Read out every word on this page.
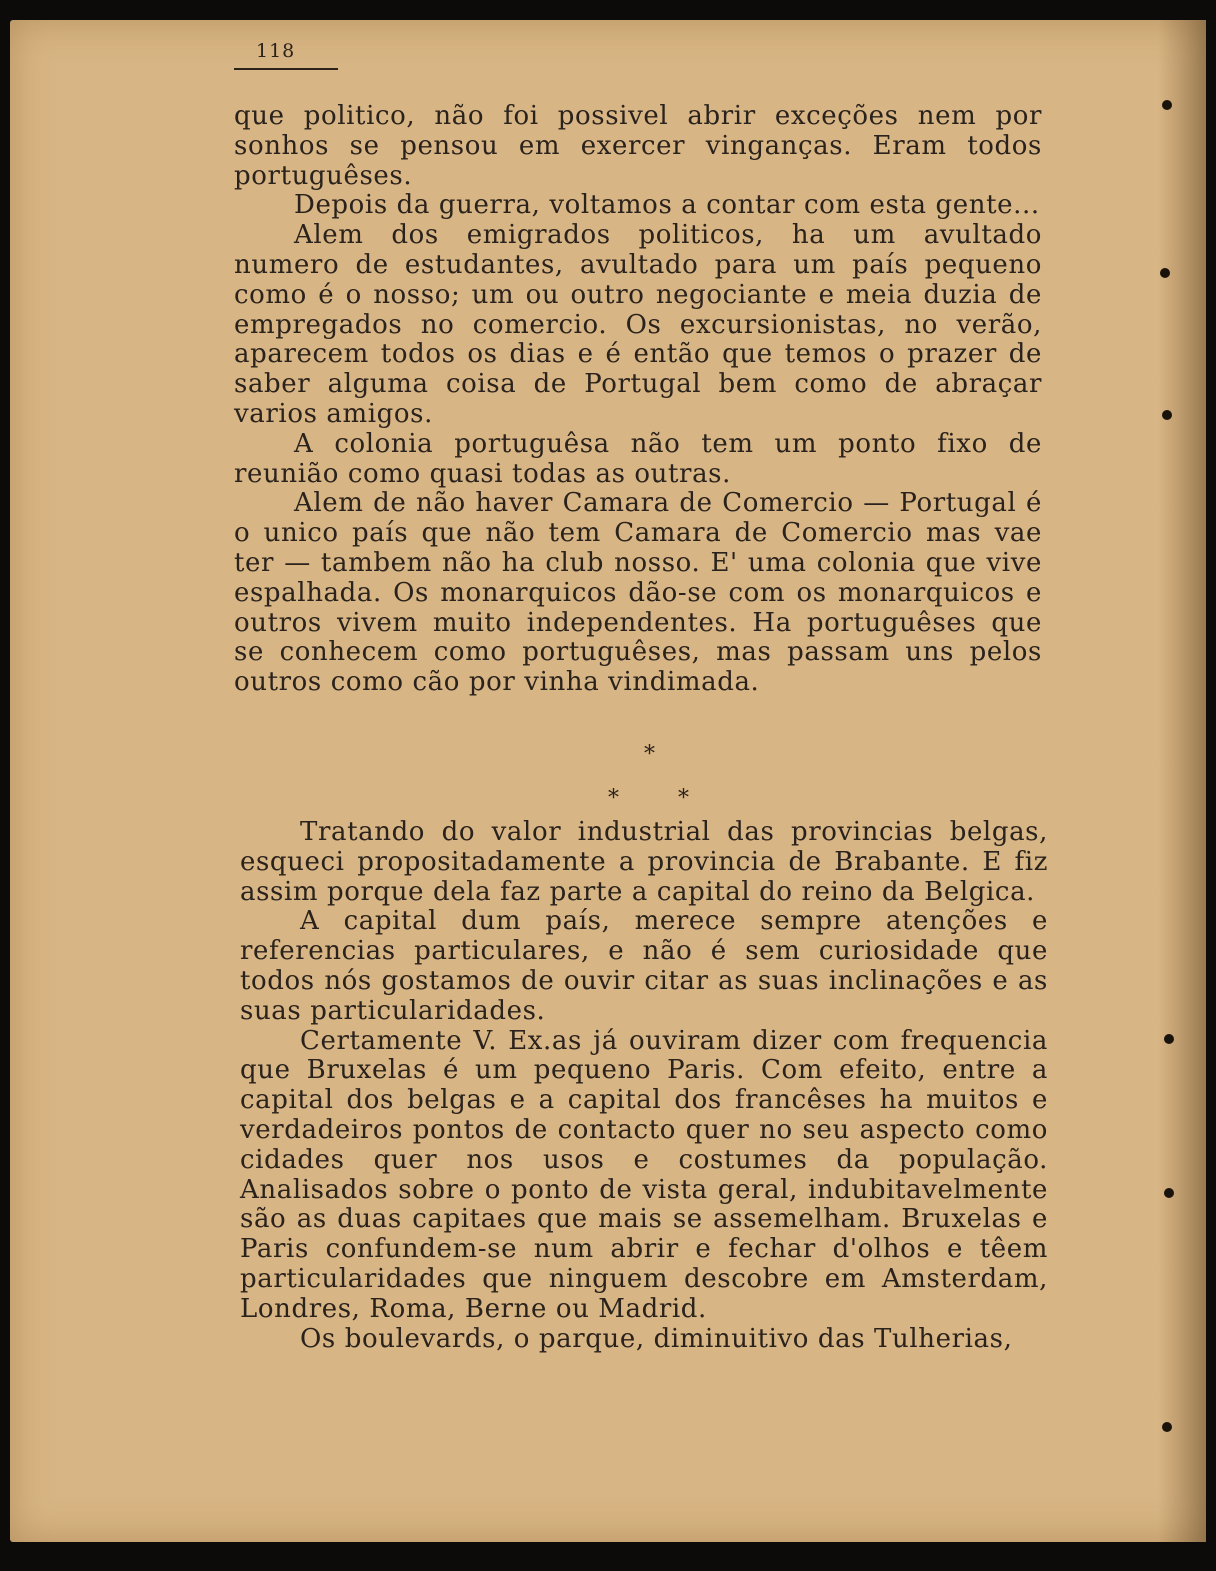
118

que politico, não foi possivel abrir exceções nem por sonhos se pensou em exercer vinganças. Eram todos portuguêses.

Depois da guerra, voltamos a contar com esta gente...

Alem dos emigrados politicos, ha um avultado numero de estudantes, avultado para um país pequeno como é o nosso; um ou outro negociante e meia duzia de empregados no comercio. Os excursionistas, no verão, aparecem todos os dias e é então que temos o prazer de saber alguma coisa de Portugal bem como de abraçar varios amigos.

A colonia portuguêsa não tem um ponto fixo de reunião como quasi todas as outras.

Alem de não haver Camara de Comercio — Portugal é o unico país que não tem Camara de Comercio mas vae ter — tambem não ha club nosso. E' uma colonia que vive espalhada. Os monarquicos dão-se com os monarquicos e outros vivem muito independentes. Ha portuguêses que se conhecem como portuguêses, mas passam uns pelos outros como cão por vinha vindimada.

*
*	*

Tratando do valor industrial das provincias belgas, esqueci propositadamente a provincia de Brabante. E fiz assim porque dela faz parte a capital do reino da Belgica.

A capital dum país, merece sempre atenções e referencias particulares, e não é sem curiosidade que todos nós gostamos de ouvir citar as suas inclinações e as suas particularidades.

Certamente V. Ex.as já ouviram dizer com frequencia que Bruxelas é um pequeno Paris. Com efeito, entre a capital dos belgas e a capital dos francêses ha muitos e verdadeiros pontos de contacto quer no seu aspecto como cidades quer nos usos e costumes da população. Analisados sobre o ponto de vista geral, indubitavelmente são as duas capitaes que mais se assemelham. Bruxelas e Paris confundem-se num abrir e fechar d'olhos e têem particularidades que ninguem descobre em Amsterdam, Londres, Roma, Berne ou Madrid.

Os boulevards, o parque, diminuitivo das Tulherias,
